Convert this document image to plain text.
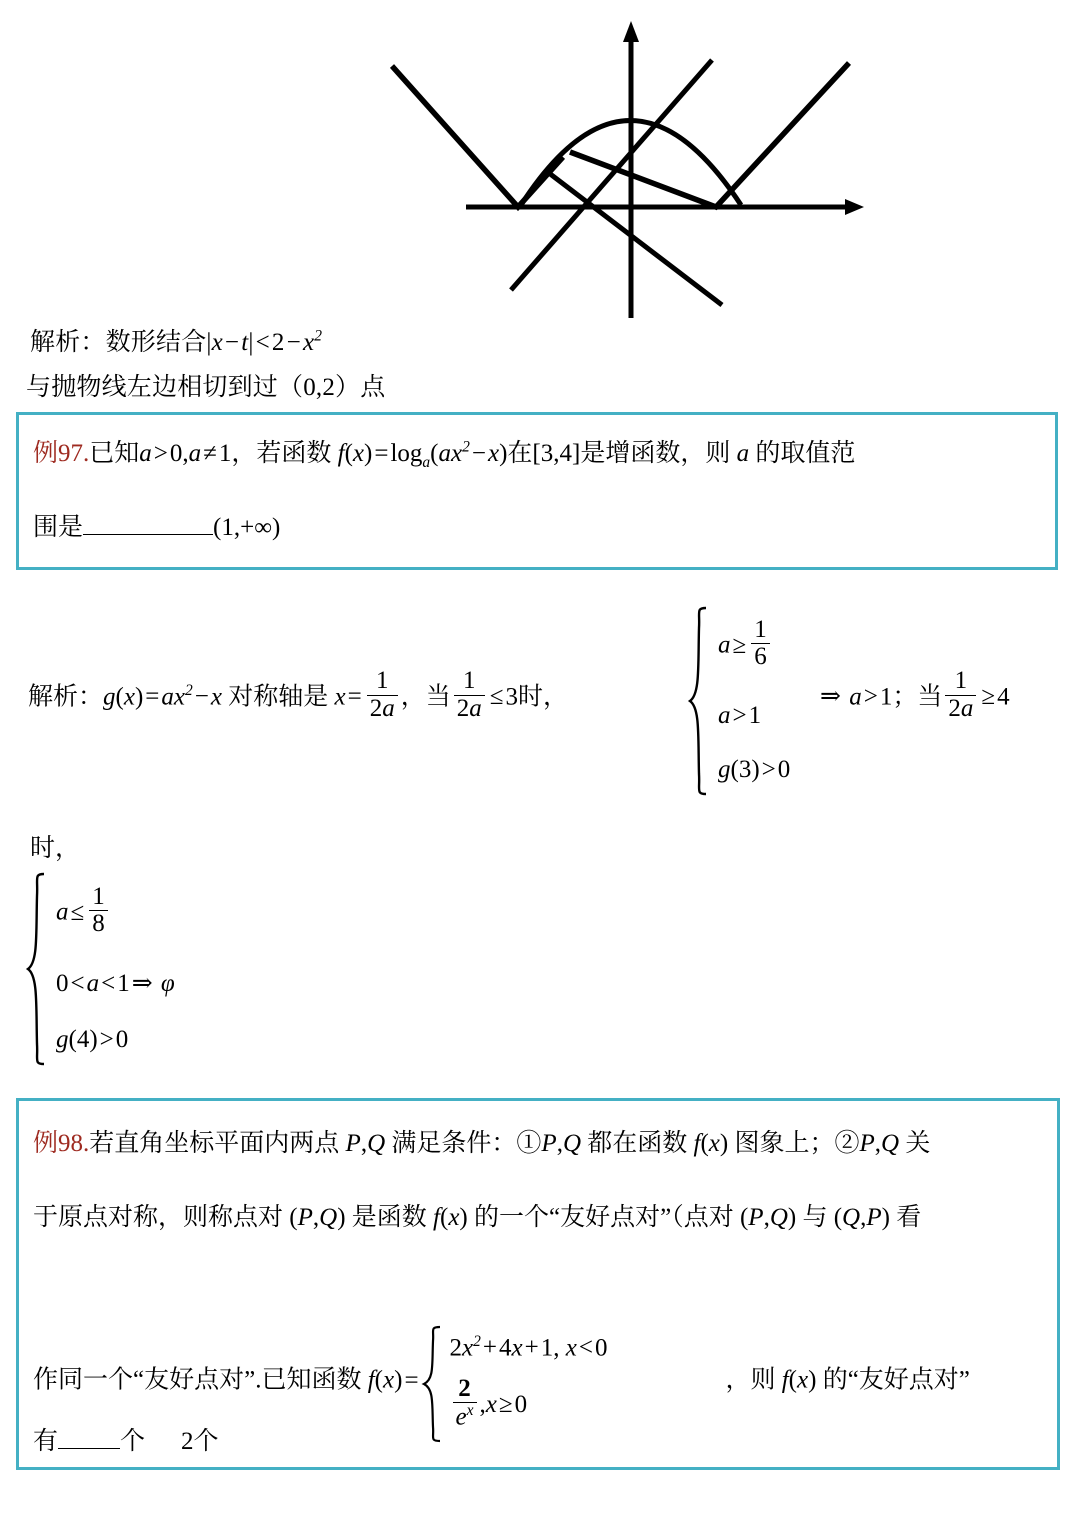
解析：数形结合$|x-t|<2-x^2$
与抛物线左边相切到过（0,2）点
例97.已知a>0,a≠1，若函数 $f(x)=\log_a(ax^2-x)$在[3,4]是增函数，则 a 的取值范
围是	(1,+∞)
解析：$g(x)=ax^2-x$ 对称轴是 $x= \frac{1}{2a}$ ，当 $\frac{1}{2a} \le 3$时，
$a\ge \frac{1}{6}$
a>1
g(3)>0
⇒ a>1；当 $\frac{1}{2a} \ge 4$
时，
$a\le \frac{1}{8}$
0<a<1⇒ φ
g(4)>0
例98.若直角坐标平面内两点 P,Q 满足条件：①P,Q 都在函数 f(x) 图象上；②P,Q 关
于原点对称，则称点对 (P,Q) 是函数 f(x) 的一个“友好点对”（点对 (P,Q) 与 (Q,P) 看
作同一个“友好点对”.已知函数 f(x)=
$2x^2+4x+1$, x<0
$\frac{2}{e^x} ,x\ge 0$
，则 f(x) 的“友好点对”
有 个 2个
